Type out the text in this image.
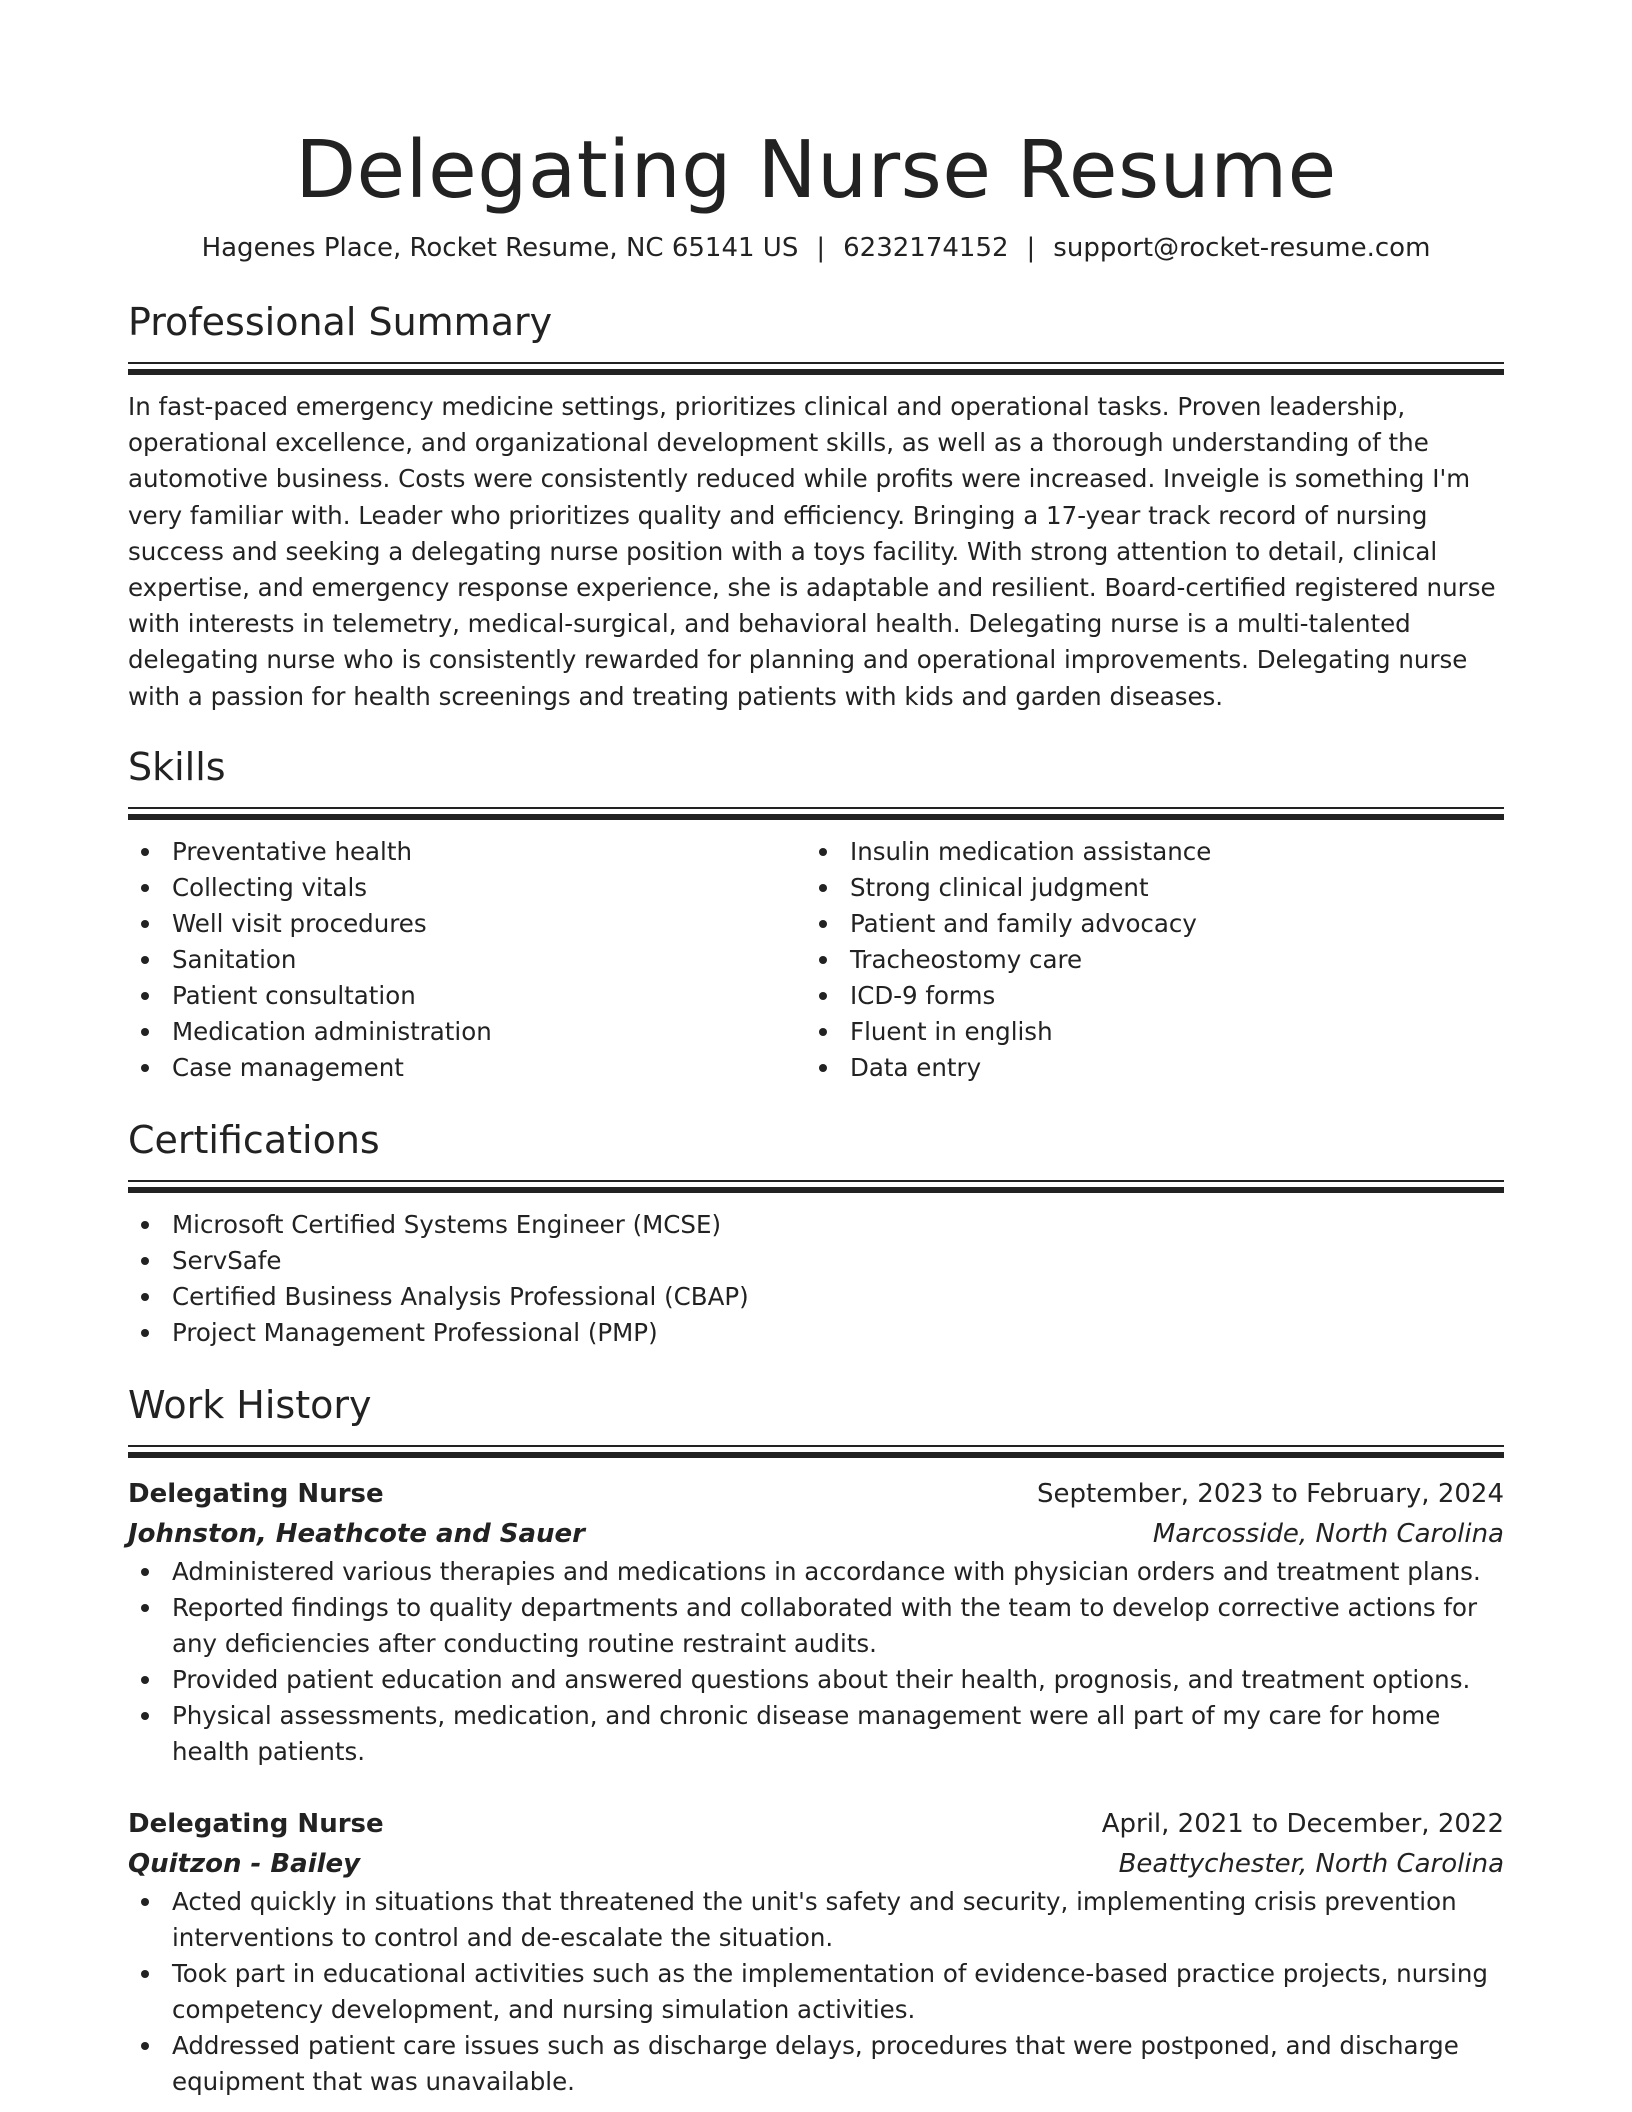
Delegating Nurse Resume
Hagenes Place, Rocket Resume, NC 65141 US | 6232174152 | support@rocket-resume.com
Professional Summary

In fast-paced emergency medicine settings, prioritizes clinical and operational tasks. Proven leadership, operational excellence, and organizational development skills, as well as a thorough understanding of the automotive business. Costs were consistently reduced while profits were increased. Inveigle is something I'm very familiar with. Leader who prioritizes quality and efficiency. Bringing a 17-year track record of nursing success and seeking a delegating nurse position with a toys facility. With strong attention to detail, clinical expertise, and emergency response experience, she is adaptable and resilient. Board-certified registered nurse with interests in telemetry, medical-surgical, and behavioral health. Delegating nurse is a multi-talented delegating nurse who is consistently rewarded for planning and operational improvements. Delegating nurse with a passion for health screenings and treating patients with kids and garden diseases.

Skills
Preventative health
Collecting vitals
Well visit procedures
Sanitation
Patient consultation
Medication administration
Case management
Insulin medication assistance
Strong clinical judgment
Patient and family advocacy
Tracheostomy care
ICD-9 forms
Fluent in english
Data entry
Certifications
Microsoft Certified Systems Engineer (MCSE)
ServSafe
Certified Business Analysis Professional (CBAP)
Project Management Professional (PMP)
Work History
Delegating Nurse	September, 2023 to February, 2024
Johnston, Heathcote and Sauer	Marcosside, North Carolina
Administered various therapies and medications in accordance with physician orders and treatment plans.
Reported findings to quality departments and collaborated with the team to develop corrective actions for any deficiencies after conducting routine restraint audits.
Provided patient education and answered questions about their health, prognosis, and treatment options.
Physical assessments, medication, and chronic disease management were all part of my care for home health patients.
Delegating Nurse	April, 2021 to December, 2022
Quitzon - Bailey	Beattychester, North Carolina
Acted quickly in situations that threatened the unit's safety and security, implementing crisis prevention interventions to control and de-escalate the situation.
Took part in educational activities such as the implementation of evidence-based practice projects, nursing competency development, and nursing simulation activities.
Addressed patient care issues such as discharge delays, procedures that were postponed, and discharge equipment that was unavailable.
